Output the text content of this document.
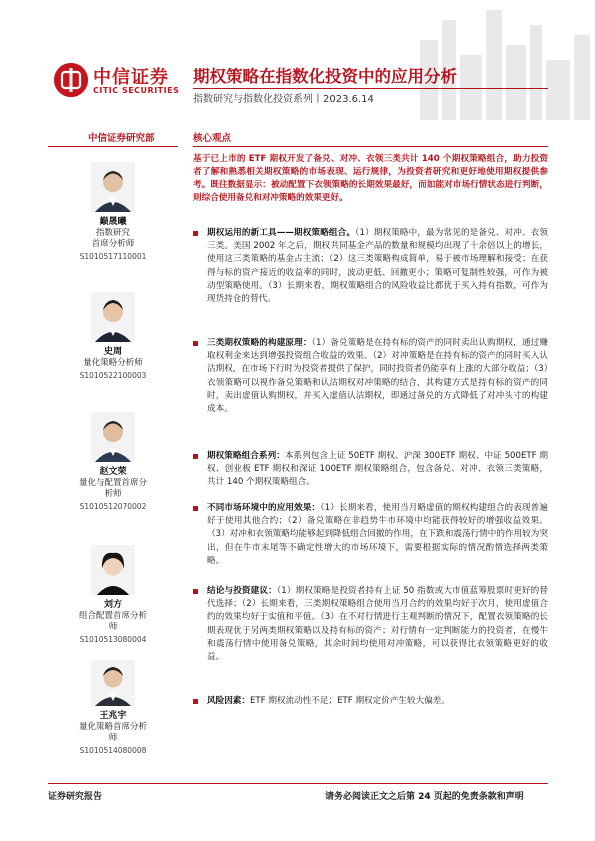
中信证券
CITIC SECURITIES
期权策略在指数化投资中的应用分析
指数研究与指数化投资系列丨2023.6.14
中信证券研究部	核心观点
巅晟曦
指数研究
首席分析师
S1010517110001
史周
量化策略分析师
S1010522100003
赵文荣
量化与配置首席分
析师
S1010512070002
刘方
组合配置首席分析
师
S1010513080004
王兆宇
量化策略首席分析
师
S1010514080008
基于已上市的 ETF 期权开发了备兑、对冲、衣领三类共计 140 个期权策略组合，助力投资者了解和熟悉相关期权策略的市场表现、运行规律，为投资者研究和更好地使用期权提供参考。既往数据显示：被动配置下衣领策略的长期效果最好，而如能对市场行情状态进行判断，则综合使用备兑和对冲策略的效果更好。
期权运用的新工具——期权策略组合。（1）期权策略中，最为常见的是备兑、对冲、衣领三类。美国 2002 年之后，期权共同基金产品的数量和规模均出现了十余倍以上的增长，使用这三类策略的基金占主流；（2）这三类策略构成简单，易于被市场理解和接受；在获得与标的资产接近的收益率的同时，波动更低、回撤更小；策略可复制性较强，可作为被动型策略使用。（3）长期来看，期权策略组合的风险收益比都优于买入持有指数，可作为现货持仓的替代。
三类期权策略的构建原理：（1）备兑策略是在持有标的资产的同时卖出认购期权，通过赚取权利金来达到增强投资组合收益的效果。（2）对冲策略是在持有标的资产的同时买入认沽期权，在市场下行时为投资者提供了保护，同时投资者仍能享有上涨的大部分收益；（3）衣领策略可以视作备兑策略和认沽期权对冲策略的结合，其构建方式是持有标的资产的同时，卖出虚值认购期权，并买入虚值认沽期权，即通过备兑的方式降低了对冲头寸的构建成本。
期权策略组合系列：本系列包含上证 50ETF 期权、沪深 300ETF 期权、中证 500ETF 期权、创业板 ETF 期权和深证 100ETF 期权策略组合，包含备兑、对冲、衣领三类策略，共计 140 个期权策略组合。
不同市场环境中的应用效果：（1）长期来看，使用当月略虚值的期权构建组合的表现普遍好于使用其他合约；（2）备兑策略在非趋势牛市环境中均能获得较好的增强收益效果。（3）对冲和衣领策略均能够起到降低组合回撤的作用，在下跌和震荡行情中的作用较为突出，但在牛市末尾等不确定性增大的市场环境下，需要根据实际的情况酌情选择两类策略。
结论与投资建议：（1）期权策略是投资者持有上证 50 指数或大市值蓝筹股票时更好的替代选择；（2）长期来看，三类期权策略组合使用当月合约的效果均好于次月，使用虚值合约的效果均好于实值和平值。（3）在不对行情进行主观判断的情况下，配置衣领策略的长期表现优于另两类期权策略以及持有标的资产；对行情有一定判断能力的投资者，在慢牛和震荡行情中使用备兑策略，其余时间均使用对冲策略，可以获得比衣领策略更好的收益。
风险因素：ETF 期权流动性不足；ETF 期权定价产生较大偏差。
证券研究报告	请务必阅读正文之后第 24 页起的免责条款和声明
